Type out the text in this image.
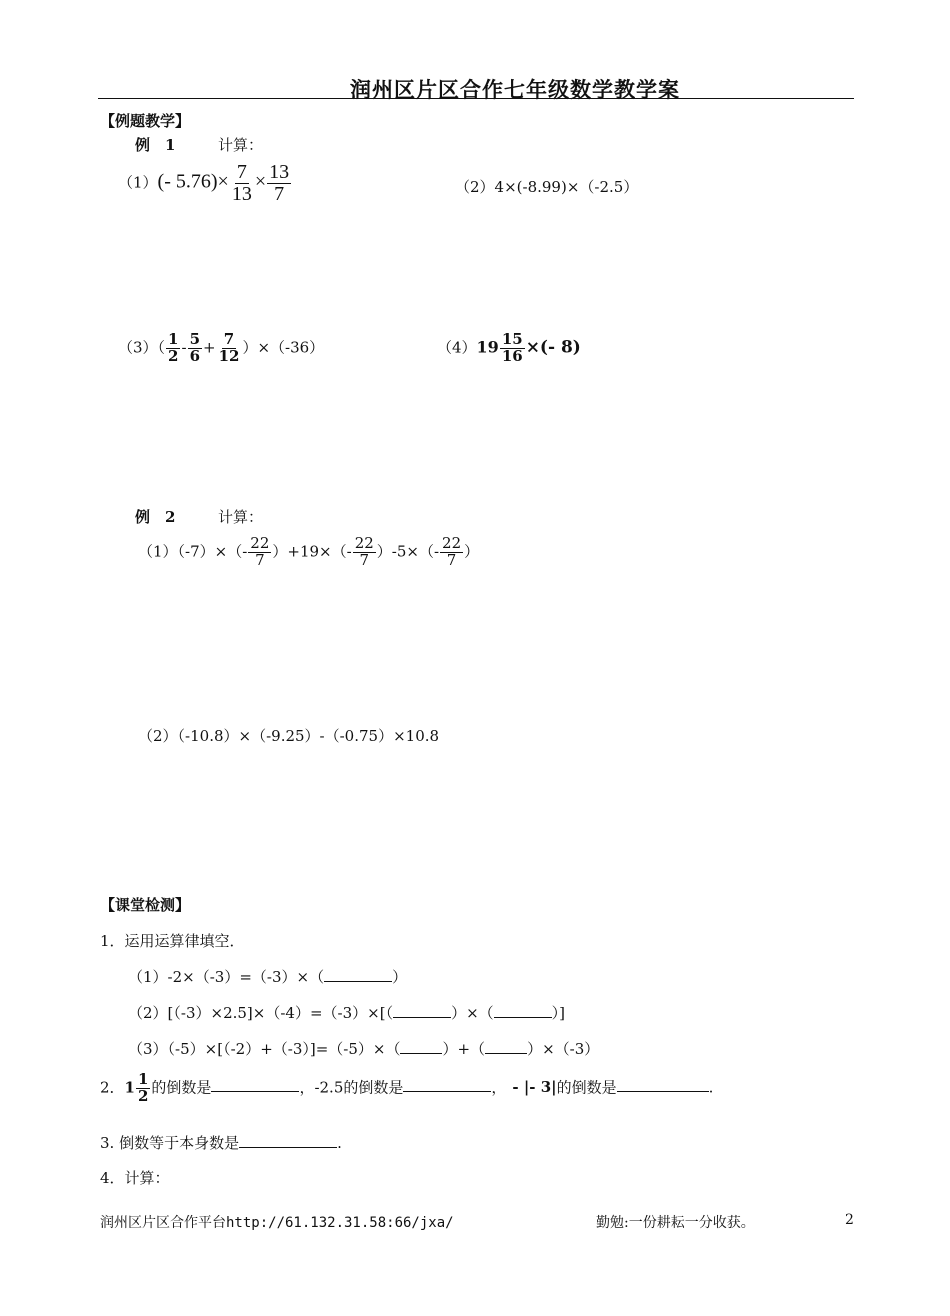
润州区片区合作七年级数学教学案
【例题教学】
例　1	计算：
（1）(- $5.76)\times \frac{7}{13} \times \frac{13}{7}$	（2）4×(-8.99)×（-2.5）
$(3)( \frac{1}{2} - \frac{5}{6} + \frac{7}{12} )\times(-36)$	$(4)19 \frac{15}{16}$ ×(- 8)
例　2	计算：
$(1)(-7)\times(- \frac{22}{7} )+19\times(- \frac{22}{7} )-5\times(- \frac{22}{7}$ ）
（2）（-10.8）×（-9.25）-（-0.75）×10.8
【课堂检测】
1．运用运算律填空．
（1）-2×（-3）=（-3）×（	）
（2）[（-3）×2.5]×（-4）=（-3）×[（	）×（	）]
（3）（-5）×[（-2）+（-3）]=（-5）×（	）+（	）×（-3）
2．$1 \frac{1}{2}$ 的倒数是	，-2.5的倒数是	， - |- 3|的倒数是	.
3. 倒数等于本身数是	.
4．计算：
润州区片区合作平台http://61.132.31.58:66/jxa/	勤勉:一份耕耘一分收获。	2
